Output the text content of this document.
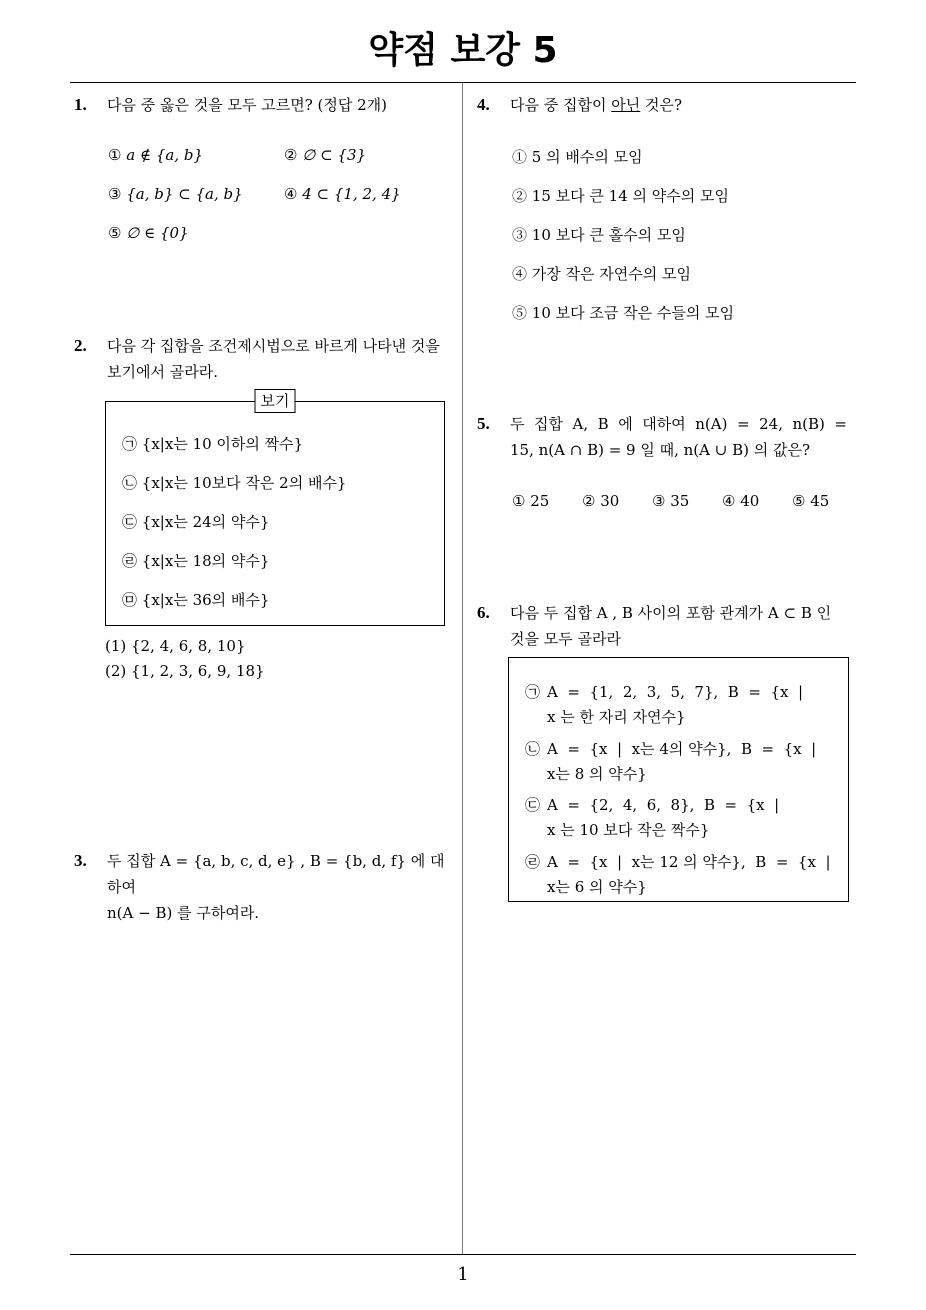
약점 보강 5
1
1. 다음 중 옳은 것을 모두 고르면? (정답 2개)
① a ∉ {a, b}	② ∅ ⊂ {3}
③ {a, b} ⊂ {a, b}	④ 4 ⊂ {1, 2, 4}
⑤ ∅ ∈ {0}
2. 다음 각 집합을 조건제시법으로 바르게 나타낸 것을 보기에서 골라라.
보기
㉠ {x|x는 10 이하의 짝수}
㉡ {x|x는 10보다 작은 2의 배수}
㉢ {x|x는 24의 약수}
㉣ {x|x는 18의 약수}
㉤ {x|x는 36의 배수}
(1) {2, 4, 6, 8, 10}
(2) {1, 2, 3, 6, 9, 18}
3. 두 집합 A = {a, b, c, d, e} , B = {b, d, f} 에 대하여
n(A − B) 를 구하여라.
4. 다음 중 집합이 아닌 것은?
① 5 의 배수의 모임
② 15 보다 큰 14 의 약수의 모임
③ 10 보다 큰 홀수의 모임
④ 가장 작은 자연수의 모임
⑤ 10 보다 조금 작은 수들의 모임
5. 두  집합  A,  B  에  대하여  n(A)  =  24,  n(B)  =
15, n(A ∩ B) = 9 일 때, n(A ∪ B) 의 값은?
① 25 ② 30 ③ 35 ④ 40 ⑤ 45
6. 다음 두 집합 A , B 사이의 포함 관계가 A ⊂ B 인
것을 모두 골라라
㉠ A  =  {1,  2,  3,  5,  7},  B  =  {x  |
x 는 한 자리 자연수}
㉡ A  =  {x  |  x는 4의 약수},  B  =  {x  |
x는 8 의 약수}
㉢ A  =  {2,  4,  6,  8},  B  =  {x  |
x 는 10 보다 작은 짝수}
㉣ A  =  {x  |  x는 12 의 약수},  B  =  {x  |
x는 6 의 약수}
